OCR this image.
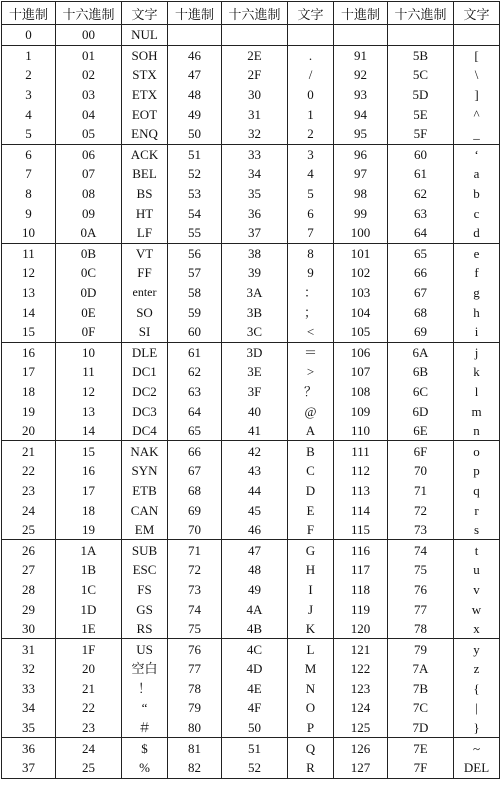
十進制	十六進制	文字	十進制	十六進制	文字	十進制	十六進制	文字
0	00	NUL						
1	01	SOH	46	2E	.	91	5B	[
2	02	STX	47	2F	/	92	5C	\
3	03	ETX	48	30	0	93	5D	]
4	04	EOT	49	31	1	94	5E	^
5	05	ENQ	50	32	2	95	5F	_
6	06	ACK	51	33	3	96	60	‘
7	07	BEL	52	34	4	97	61	a
8	08	BS	53	35	5	98	62	b
9	09	HT	54	36	6	99	63	c
10	0A	LF	55	37	7	100	64	d
11	0B	VT	56	38	8	101	65	e
12	0C	FF	57	39	9	102	66	f
13	0D	enter	58	3A	：	103	67	g
14	0E	SO	59	3B	；	104	68	h
15	0F	SI	60	3C	<	105	69	i
16	10	DLE	61	3D	＝	106	6A	j
17	11	DC1	62	3E	>	107	6B	k
18	12	DC2	63	3F	？	108	6C	l
19	13	DC3	64	40	@	109	6D	m
20	14	DC4	65	41	A	110	6E	n
21	15	NAK	66	42	B	111	6F	o
22	16	SYN	67	43	C	112	70	p
23	17	ETB	68	44	D	113	71	q
24	18	CAN	69	45	E	114	72	r
25	19	EM	70	46	F	115	73	s
26	1A	SUB	71	47	G	116	74	t
27	1B	ESC	72	48	H	117	75	u
28	1C	FS	73	49	I	118	76	v
29	1D	GS	74	4A	J	119	77	w
30	1E	RS	75	4B	K	120	78	x
31	1F	US	76	4C	L	121	79	y
32	20	空白	77	4D	M	122	7A	z
33	21	！	78	4E	N	123	7B	{
34	22	“	79	4F	O	124	7C	|
35	23	＃	80	50	P	125	7D	}
36	24	$	81	51	Q	126	7E	~
37	25	%	82	52	R	127	7F	DEL
